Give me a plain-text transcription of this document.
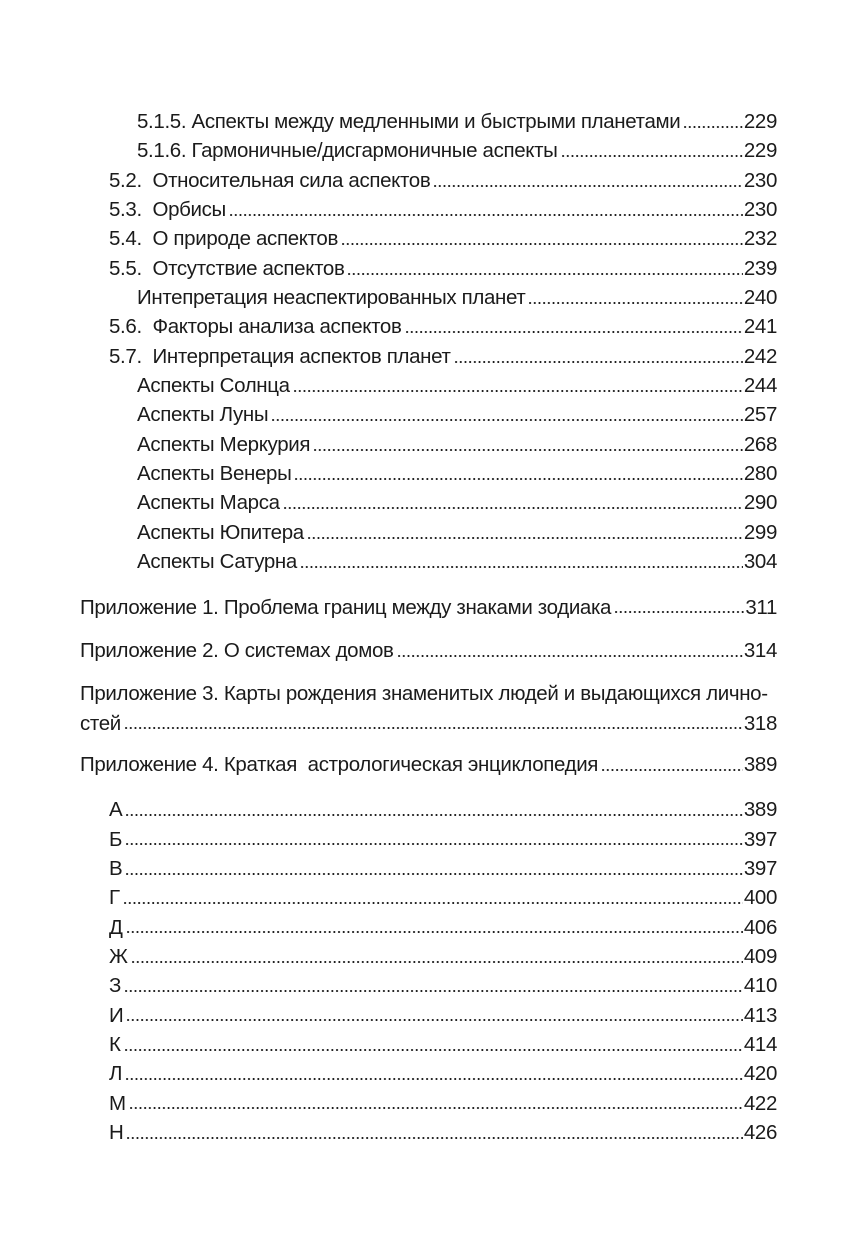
5.1.5. Аспекты между медленными и быстрыми планетами	229
5.1.6. Гармоничные/дисгармоничные аспекты	229
5.2.  Относительная сила аспектов	230
5.3.  Орбисы	230
5.4.  О природе аспектов	232
5.5.  Отсутствие аспектов	239
Интепретация неаспектированных планет	240
5.6.  Факторы анализа аспектов	241
5.7.  Интерпретация аспектов планет	242
Аспекты Солнца	244
Аспекты Луны	257
Аспекты Меркурия	268
Аспекты Венеры	280
Аспекты Марса	290
Аспекты Юпитера	299
Аспекты Сатурна	304
Приложение 1. Проблема границ между знаками зодиака	311
Приложение 2. О системах домов	314
Приложение 3. Карты рождения знаменитых людей и выдающихся лично-
стей	318
Приложение 4. Краткая  астрологическая энциклопедия	389
А	389
Б	397
В	397
Г	400
Д	406
Ж	409
З	410
И	413
К	414
Л	420
М	422
Н	426
